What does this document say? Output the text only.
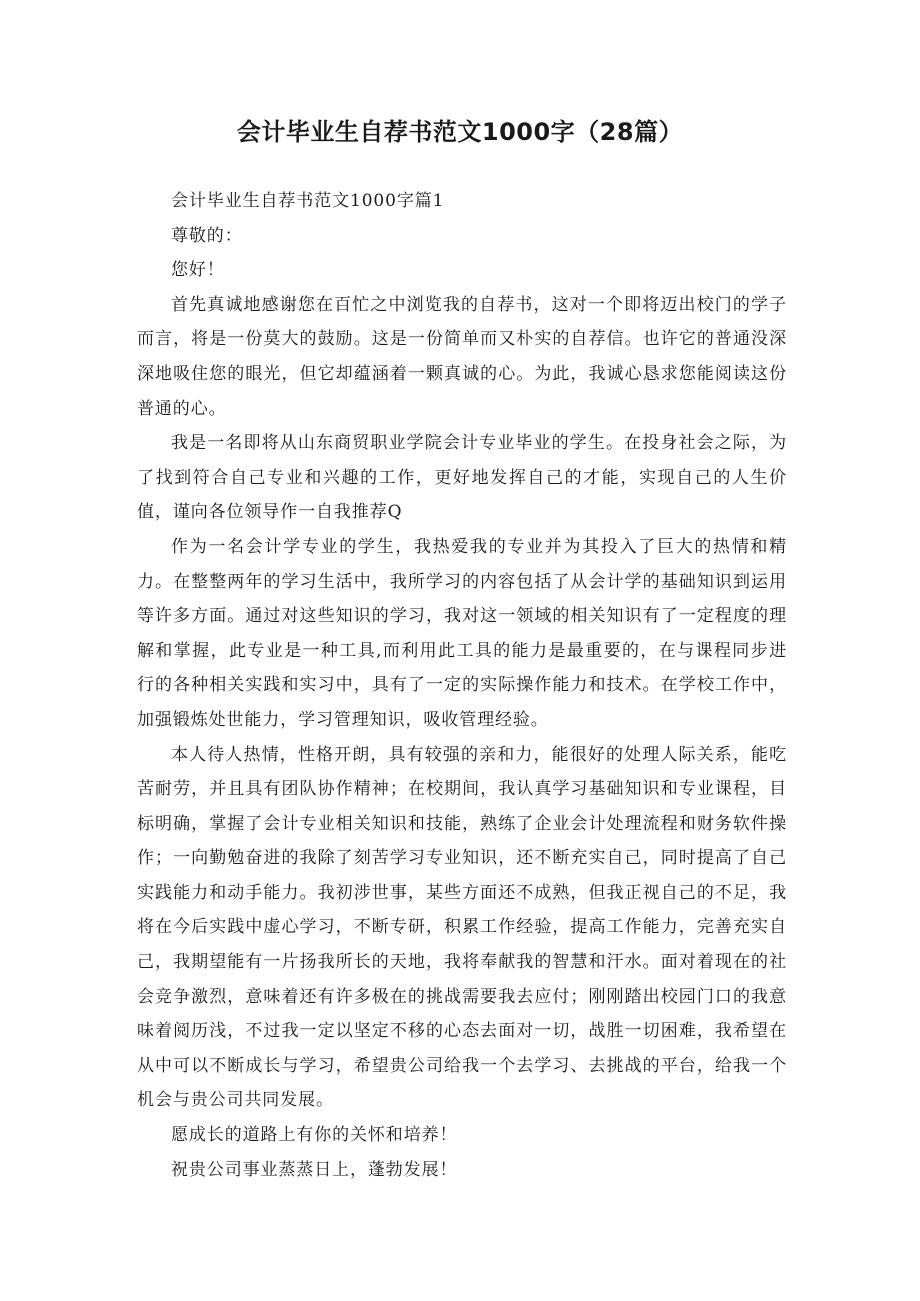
会计毕业生自荐书范文1000字（28篇）

会计毕业生自荐书范文1000字篇1

尊敬的：

您好！

首先真诚地感谢您在百忙之中浏览我的自荐书，这对一个即将迈出校门的学子而言，将是一份莫大的鼓励。这是一份简单而又朴实的自荐信。也许它的普通没深深地吸住您的眼光，但它却蕴涵着一颗真诚的心。为此，我诚心恳求您能阅读这份普通的心。

我是一名即将从山东商贸职业学院会计专业毕业的学生。在投身社会之际，为了找到符合自己专业和兴趣的工作，更好地发挥自己的才能，实现自己的人生价值，谨向各位领导作一自我推荐Q

作为一名会计学专业的学生，我热爱我的专业并为其投入了巨大的热情和精力。在整整两年的学习生活中，我所学习的内容包括了从会计学的基础知识到运用等许多方面。通过对这些知识的学习，我对这一领域的相关知识有了一定程度的理解和掌握，此专业是一种工具,而利用此工具的能力是最重要的，在与课程同步进行的各种相关实践和实习中，具有了一定的实际操作能力和技术。在学校工作中，加强锻炼处世能力，学习管理知识，吸收管理经验。

本人待人热情，性格开朗，具有较强的亲和力，能很好的处理人际关系，能吃苦耐劳，并且具有团队协作精神；在校期间，我认真学习基础知识和专业课程，目标明确，掌握了会计专业相关知识和技能，熟练了企业会计处理流程和财务软件操作；一向勤勉奋进的我除了刻苦学习专业知识，还不断充实自己，同时提高了自己实践能力和动手能力。我初涉世事，某些方面还不成熟，但我正视自己的不足，我将在今后实践中虚心学习，不断专研，积累工作经验，提高工作能力，完善充实自己，我期望能有一片扬我所长的天地，我将奉献我的智慧和汗水。面对着现在的社会竞争激烈，意味着还有许多极在的挑战需要我去应付；刚刚踏出校园门口的我意味着阅历浅，不过我一定以坚定不移的心态去面对一切，战胜一切困难，我希望在从中可以不断成长与学习，希望贵公司给我一个去学习、去挑战的平台，给我一个机会与贵公司共同发展。

愿成长的道路上有你的关怀和培养！

祝贵公司事业蒸蒸日上，蓬勃发展！
